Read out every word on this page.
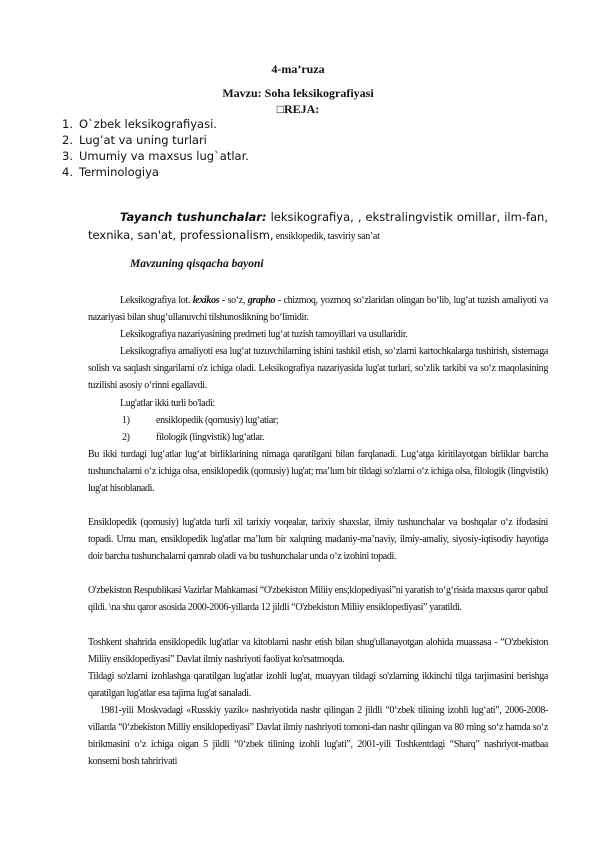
4-ma’ruza
Mavzu: Soha leksikografiyasi
□REJA:
1. O`zbek leksikografiyasi.
2. Lug’at va uning turlari
3. Umumiy va maxsus lug`atlar.
4. Terminologiya
Tayanch tushunchalar: leksikografiya, , ekstralingvistik omillar, ilm-fan,
texnika, san'at, professionalism, ensiklopedik, tasviriy san’at
Mavzuning qisqacha bayoni

Leksikografiya lot. lexikos - so‘z, grapho - chizmoq, yozmoq so‘zlaridan olingan bo‘lib, lug‘at tuzish amaliyoti va nazariyasi bilan shug‘ullanuvchi tilshunoslikning bo‘limidir.

Leksikografiya nazariyasining predmeti lug‘at tuzish tamoyillari va usullaridir.

Leksikografiya amaliyoti esa lug‘at tuzuvchilarning ishini tashkil etish, so‘zlarni kartochkalarga tushirish, sistemaga solish va saqlash singarilarni o'z ichiga oladi. Leksikografiya nazariyasida lug'at turlari, so‘zlik tarkibi va so‘z maqolasining tuzilishi asosiy o‘rinni egallavdi.

Lug'atlar ikki turli bo'ladi:

1)	ensiklopedik (qomusiy) lug‘atiar;
2)	filologik (lingvistik) lug‘atlar.

Bu ikki turdagi lug‘atlar lug‘at birliklarining nimaga qaratilgani bilan farqlanadi. Lug‘atga kiritilayotgan birliklar barcha tushunchalarni o‘z ichiga olsa, ensiklopedik (qomusiy) lug'at; ma’lum bir tildagi so'zlarni o‘z ichiga olsa, filologik (lingvistik) lug'at hisoblanadi.

Ensiklopedik (qomusiy) lug'atda turli xil tarixiy voqealar, tarixiy shaxslar, ilmiy tushunchalar va boshqalar o‘z ifodasini topadi. Umu man, ensiklopedik lug'atlar ma’lum bir xalqning madaniy-ma’naviy, ilmiy-amaliy, siyosiy-iqtisodiy hayotiga doir barcha tushunchalarni qamrab oladi va bu tushunchalar unda o‘z izohini topadi.

O'zbekiston Respublikasi Vazirlar Mahkamasi “O'zbekiston Miliiy ens;klopediyasi”ni yaratish to‘g‘risida maxsus qaror qabul qildi. \na shu qaror asosida 2000-2006-yillarda 12 jildli “O'zbekiston Miliiy ensiklopediyasi” yaratildi.

Toshkent shahrida ensiklopedik lug'atlar va kitoblarni nashr etish bilan shug'ullanayotgan alohida muassasa - “O'zbekiston Miliiy ensiklopediyasi” Davlat ilmiy nashriyoti faoliyat ko'rsatmoqda.

Tildagi so'zlarni izohlashga qaratilgan lug'atlar izohli lug'at, muayyan tildagi so'zlarning ikkinchi tilga tarjimasini berishga qaratilgan lug'atlar esa tajima lug'at sanaladi.

1981-yili Moskvadagi «Russkiy yazik» nashriyotida nashr qilingan 2 jildli “0‘zbek tilining izohli lug‘ati”, 2006-2008-villarda “0‘zbekiston Milliy ensiklopediyasi” Davlat ilmiy nashriyoti tomoni-dan nashr qilingan va 80 rning so‘z hamda so‘z birikmasini o‘z ichiga oigan 5 jildli “0‘zbek tilining izohli lug'ati”, 2001-yili Toshkentdagi “Sharq” nashriyot-matbaa konserni bosh tahririvati
